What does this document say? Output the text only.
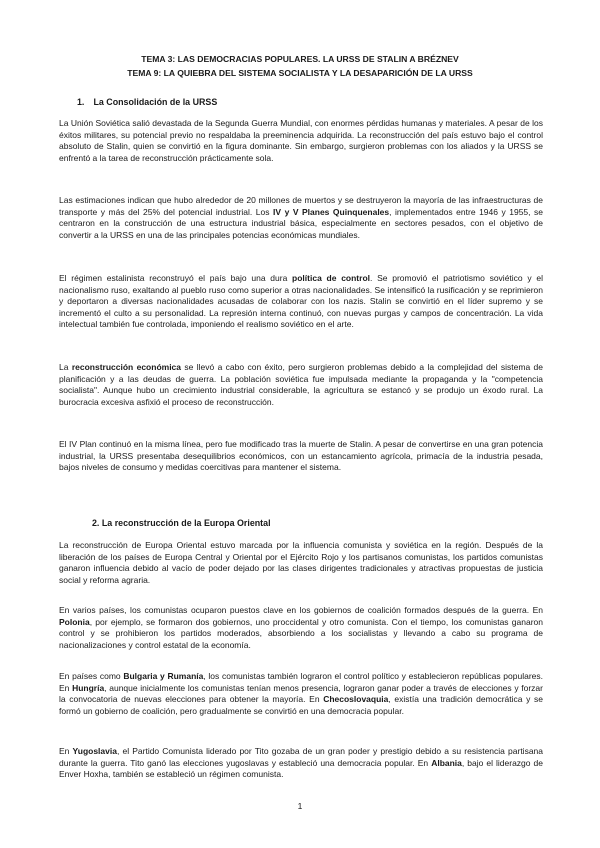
TEMA 3: LAS DEMOCRACIAS POPULARES. LA URSS DE STALIN A BRÉZNEV
TEMA 9: LA QUIEBRA DEL SISTEMA SOCIALISTA Y LA DESAPARICIÓN DE LA URSS
1. La Consolidación de la URSS

La Unión Soviética salió devastada de la Segunda Guerra Mundial, con enormes pérdidas humanas y materiales. A pesar de los éxitos militares, su potencial previo no respaldaba la preeminencia adquirida. La reconstrucción del país estuvo bajo el control absoluto de Stalin, quien se convirtió en la figura dominante. Sin embargo, surgieron problemas con los aliados y la URSS se enfrentó a la tarea de reconstrucción prácticamente sola.

Las estimaciones indican que hubo alrededor de 20 millones de muertos y se destruyeron la mayoría de las infraestructuras de transporte y más del 25% del potencial industrial. Los IV y V Planes Quinquenales, implementados entre 1946 y 1955, se centraron en la construcción de una estructura industrial básica, especialmente en sectores pesados, con el objetivo de convertir a la URSS en una de las principales potencias económicas mundiales.

El régimen estalinista reconstruyó el país bajo una dura política de control. Se promovió el patriotismo soviético y el nacionalismo ruso, exaltando al pueblo ruso como superior a otras nacionalidades. Se intensificó la rusificación y se reprimieron y deportaron a diversas nacionalidades acusadas de colaborar con los nazis. Stalin se convirtió en el líder supremo y se incrementó el culto a su personalidad. La represión interna continuó, con nuevas purgas y campos de concentración. La vida intelectual también fue controlada, imponiendo el realismo soviético en el arte.

La reconstrucción económica se llevó a cabo con éxito, pero surgieron problemas debido a la complejidad del sistema de planificación y a las deudas de guerra. La población soviética fue impulsada mediante la propaganda y la "competencia socialista". Aunque hubo un crecimiento industrial considerable, la agricultura se estancó y se produjo un éxodo rural. La burocracia excesiva asfixió el proceso de reconstrucción.

El IV Plan continuó en la misma línea, pero fue modificado tras la muerte de Stalin. A pesar de convertirse en una gran potencia industrial, la URSS presentaba desequilibrios económicos, con un estancamiento agrícola, primacía de la industria pesada, bajos niveles de consumo y medidas coercitivas para mantener el sistema.

2. La reconstrucción de la Europa Oriental

La reconstrucción de Europa Oriental estuvo marcada por la influencia comunista y soviética en la región. Después de la liberación de los países de Europa Central y Oriental por el Ejército Rojo y los partisanos comunistas, los partidos comunistas ganaron influencia debido al vacío de poder dejado por las clases dirigentes tradicionales y atractivas propuestas de justicia social y reforma agraria.

En varios países, los comunistas ocuparon puestos clave en los gobiernos de coalición formados después de la guerra. En Polonia, por ejemplo, se formaron dos gobiernos, uno proccidental y otro comunista. Con el tiempo, los comunistas ganaron control y se prohibieron los partidos moderados, absorbiendo a los socialistas y llevando a cabo su programa de nacionalizaciones y control estatal de la economía.

En países como Bulgaria y Rumanía, los comunistas también lograron el control político y establecieron repúblicas populares. En Hungría, aunque inicialmente los comunistas tenían menos presencia, lograron ganar poder a través de elecciones y forzar la convocatoria de nuevas elecciones para obtener la mayoría. En Checoslovaquia, existía una tradición democrática y se formó un gobierno de coalición, pero gradualmente se convirtió en una democracia popular.

En Yugoslavia, el Partido Comunista liderado por Tito gozaba de un gran poder y prestigio debido a su resistencia partisana durante la guerra. Tito ganó las elecciones yugoslavas y estableció una democracia popular. En Albania, bajo el liderazgo de Enver Hoxha, también se estableció un régimen comunista.

1
